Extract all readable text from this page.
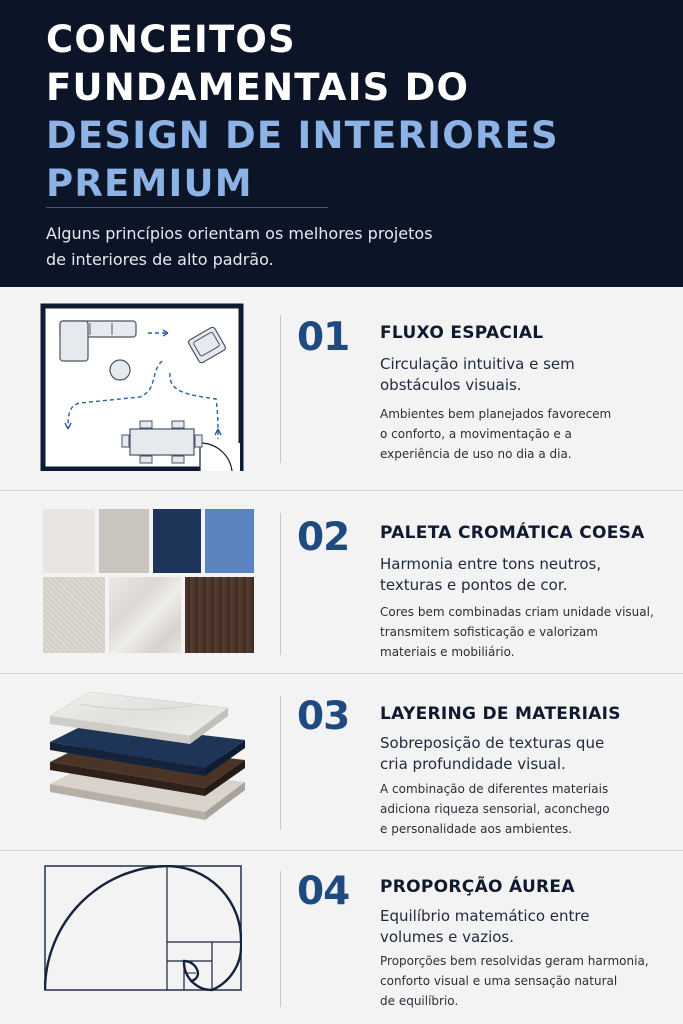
CONCEITOS
FUNDAMENTAIS DO
DESIGN DE INTERIORES
PREMIUM
Alguns princípios orientam os melhores projetos
de interiores de alto padrão.
01 FLUXO ESPACIAL
Circulação intuitiva e sem
obstáculos visuais.
Ambientes bem planejados favorecem
o conforto, a movimentação e a
experiência de uso no dia a dia.
02 PALETA CROMÁTICA COESA
Harmonia entre tons neutros,
texturas e pontos de cor.
Cores bem combinadas criam unidade visual,
transmitem sofisticação e valorizam
materiais e mobiliário.
03 LAYERING DE MATERIAIS
Sobreposição de texturas que
cria profundidade visual.
A combinação de diferentes materiais
adiciona riqueza sensorial, aconchego
e personalidade aos ambientes.
04 PROPORÇÃO ÁUREA
Equilíbrio matemático entre
volumes e vazios.
Proporções bem resolvidas geram harmonia,
conforto visual e uma sensação natural
de equilíbrio.
